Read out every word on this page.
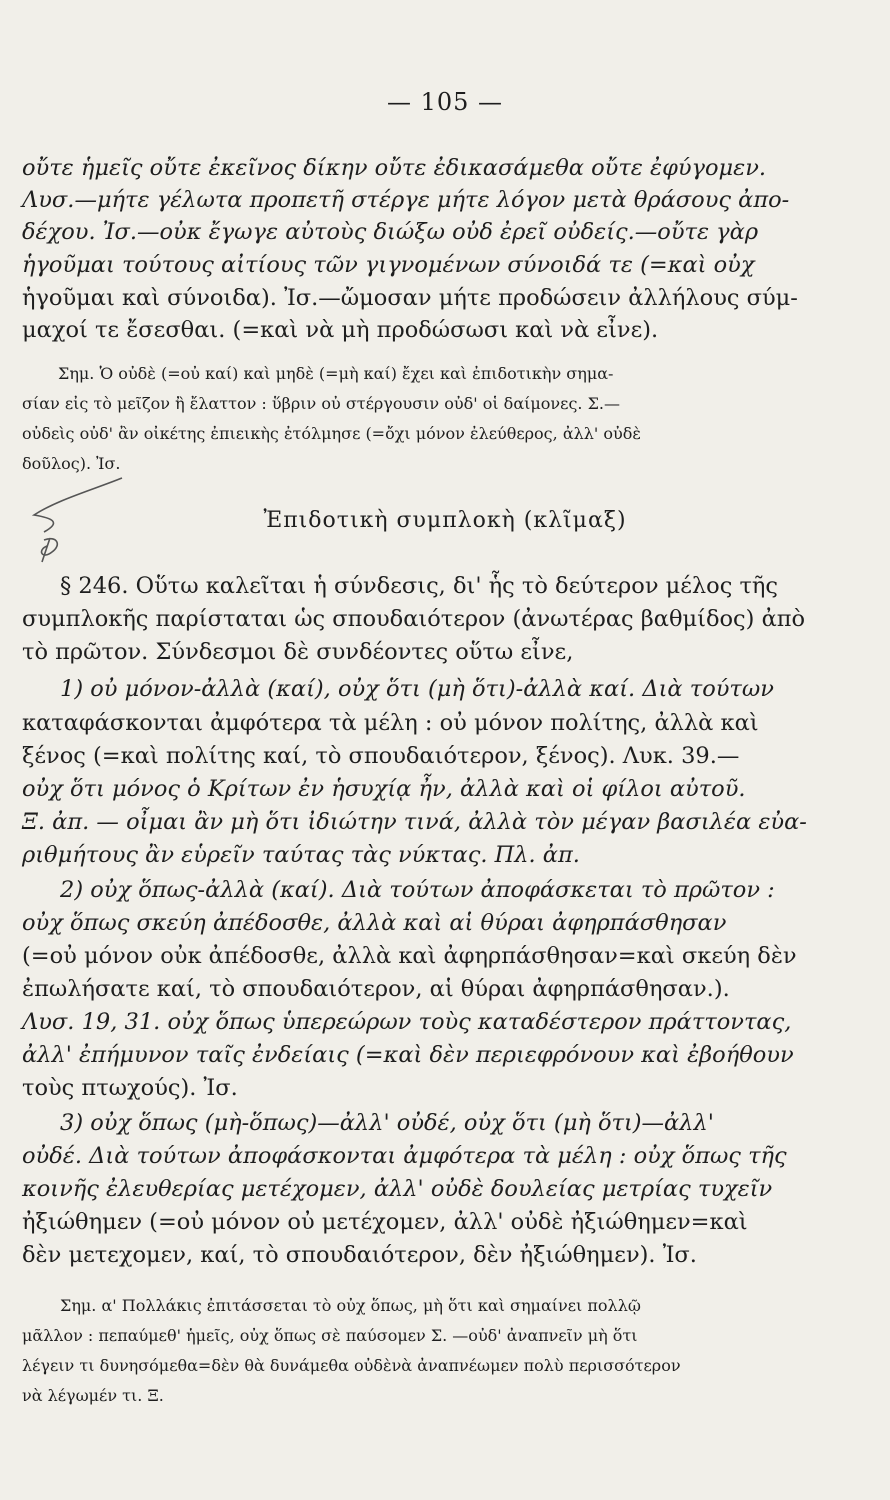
— 105 —
οὔτε ἡμεῖς οὔτε ἐκεῖνος δίκην οὔτε ἐδικασάμεθα οὔτε ἐφύγομεν.
Λυσ.—μήτε γέλωτα προπετῆ στέργε μήτε λόγον μετὰ θράσους ἀπο-
δέχου. Ἰσ.—οὐκ ἔγωγε αὐτοὺς διώξω οὐδ ἐρεῖ οὐδείς.—οὔτε γὰρ
ἡγοῦμαι τούτους αἰτίους τῶν γιγνομένων σύνοιδά τε (=καὶ οὐχ
ἡγοῦμαι καὶ σύνοιδα). Ἰσ.—ὤμοσαν μήτε προδώσειν ἀλλήλους σύμ-
μαχοί τε ἔσεσθαι. (=καὶ νὰ μὴ προδώσωσι καὶ νὰ εἶνε).
Σημ. Ὁ οὐδὲ (=οὐ καί) καὶ μηδὲ (=μὴ καί) ἔχει καὶ ἐπιδοτικὴν σημα-
σίαν εἰς τὸ μεῖζον ἢ ἔλαττον : ὕβριν οὐ στέργουσιν οὐδ' οἱ δαίμονες. Σ.—
οὐδεὶς οὐδ' ἂν οἰκέτης ἐπιεικὴς ἐτόλμησε (=ὄχι μόνον ἐλεύθερος, ἀλλ' οὐδὲ
δοῦλος). Ἰσ.
Ἐπιδοτικὴ συμπλοκὴ (κλῖμαξ)
§ 246. Οὕτω καλεῖται ἡ σύνδεσις, δι' ἧς τὸ δεύτερον μέλος τῆς
συμπλοκῆς παρίσταται ὡς σπουδαιότερον (ἀνωτέρας βαθμίδος) ἀπὸ
τὸ πρῶτον. Σύνδεσμοι δὲ συνδέοντες οὕτω εἶνε,
1) οὐ μόνον-ἀλλὰ (καί), οὐχ ὅτι (μὴ ὅτι)-ἀλλὰ καί. Διὰ τούτων
καταφάσκονται ἀμφότερα τὰ μέλη : οὐ μόνον πολίτης, ἀλλὰ καὶ
ξένος (=καὶ πολίτης καί, τὸ σπουδαιότερον, ξένος). Λυκ. 39.—
οὐχ ὅτι μόνος ὁ Κρίτων ἐν ἡσυχίᾳ ἦν, ἀλλὰ καὶ οἱ φίλοι αὐτοῦ.
Ξ. ἀπ. — οἶμαι ἂν μὴ ὅτι ἰδιώτην τινά, ἀλλὰ τὸν μέγαν βασιλέα εὐα-
ριθμήτους ἂν εὑρεῖν ταύτας τὰς νύκτας. Πλ. ἀπ.
2) οὐχ ὅπως-ἀλλὰ (καί). Διὰ τούτων ἀποφάσκεται τὸ πρῶτον :
οὐχ ὅπως σκεύη ἀπέδοσθε, ἀλλὰ καὶ αἱ θύραι ἀφηρπάσθησαν
(=οὐ μόνον οὐκ ἀπέδοσθε, ἀλλὰ καὶ ἀφηρπάσθησαν=καὶ σκεύη δὲν
ἐπωλήσατε καί, τὸ σπουδαιότερον, αἱ θύραι ἀφηρπάσθησαν.).
Λυσ. 19, 31. οὐχ ὅπως ὑπερεώρων τοὺς καταδέστερον πράττοντας,
ἀλλ' ἐπήμυνον ταῖς ἐνδείαις (=καὶ δὲν περιεφρόνουν καὶ ἐβοήθουν
τοὺς πτωχούς). Ἰσ.
3) οὐχ ὅπως (μὴ-ὅπως)—ἀλλ' οὐδέ, οὐχ ὅτι (μὴ ὅτι)—ἀλλ'
οὐδέ. Διὰ τούτων ἀποφάσκονται ἀμφότερα τὰ μέλη : οὐχ ὅπως τῆς
κοινῆς ἐλευθερίας μετέχομεν, ἀλλ' οὐδὲ δουλείας μετρίας τυχεῖν
ἠξιώθημεν (=οὐ μόνον οὐ μετέχομεν, ἀλλ' οὐδὲ ἠξιώθημεν=καὶ
δὲν μετεχομεν, καί, τὸ σπουδαιότερον, δὲν ἠξιώθημεν). Ἰσ.
Σημ. α' Πολλάκις ἐπιτάσσεται τὸ οὐχ ὅπως, μὴ ὅτι καὶ σημαίνει πολλῷ
μᾶλλον : πεπαύμεθ' ἡμεῖς, οὐχ ὅπως σὲ παύσομεν Σ. —οὐδ' ἀναπνεῖν μὴ ὅτι
λέγειν τι δυνησόμεθα=δὲν θὰ δυνάμεθα οὐδὲνὰ ἀναπνέωμεν πολὺ περισσότερον
νὰ λέγωμέν τι. Ξ.
